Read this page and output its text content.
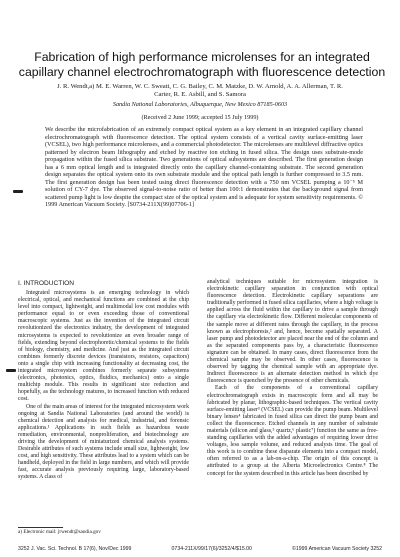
Fabrication of high performance microlenses for an integrated capillary channel electrochromatograph with fluorescence detection
J. R. Wendt,a) M. E. Warren, W. C. Sweatt, C. G. Bailey, C. M. Matzke, D. W. Arnold, A. A. Allerman, T. R. Carter, R. E. Asbill, and S. Samora
Sandia National Laboratories, Albuquerque, New Mexico 87185-0603
(Received 2 June 1999; accepted 15 July 1999)

We describe the microfabrication of an extremely compact optical system as a key element in an integrated capillary channel electrochromatograph with fluorescence detection. The optical system consists of a vertical cavity surface-emitting laser (VCSEL), two high performance microlenses, and a commercial photodetector. The microlenses are multilevel diffractive optics patterned by electron beam lithography and etched by reactive ion etching in fused silica. The design uses substrate-mode propagation within the fused silica substrate. Two generations of optical subsystems are described. The first generation design has a 6 mm optical length and is integrated directly onto the capillary channel-containing substrate. The second generation design separates the optical system onto its own substrate module and the optical path length is further compressed to 3.5 mm. The first generation design has been tested using direct fluorescence detection with a 750 nm VCSEL pumping a 10⁻⁵ M solution of CY-7 dye. The observed signal-to-noise ratio of better than 100:1 demonstrates that the background signal from scattered pump light is low despite the compact size of the optical system and is adequate for system sensitivity requirements. © 1999 American Vacuum Society. [S0734-211X(99)07706-1]

I. INTRODUCTION

Integrated microsystems is an emerging technology in which electrical, optical, and mechanical functions are combined at the chip level into compact, lightweight, and multimodal low cost modules with performance equal to or even exceeding those of conventional macroscopic systems. Just as the invention of the integrated circuit revolutionized the electronics industry, the development of integrated microsystems is expected to revolutionize an even broader range of fields, extending beyond electrophoretic/chemical systems to the fields of biology, chemistry, and medicine. And just as the integrated circuit combines formerly discrete devices (transistors, resistors, capacitors) onto a single chip with increasing functionality at decreasing cost, the integrated microsystem combines formerly separate subsystems (electronics, photonics, optics, fluidics, mechanics) onto a single multichip module. This results in significant size reduction and hopefully, as the technology matures, to increased function with reduced cost.

One of the main areas of interest for the integrated microsystem work ongoing at Sandia National Laboratories (and around the world) is chemical detection and analysis for medical, industrial, and forensic applications.¹ Applications in such fields as hazardous waste remediation, environmental, nonproliferation, and biotechnology are driving the development of miniaturized chemical analysis systems. Desirable attributes of such systems include small size, lightweight, low cost, and high sensitivity. These attributes lead to a system which can be handheld, deployed in the field in large numbers, and which will provide fast, accurate analysis previously requiring large, laboratory-based systems. A class of

analytical techniques suitable for microsystem integration is electrokinetic capillary separation in conjunction with optical fluorescence detection. Electrokinetic capillary separations are traditionally performed in fused silica capillaries, where a high voltage is applied across the fluid within the capillary to drive a sample through the capillary via electrokinetic flow. Different molecular components of the sample move at different rates through the capillary, in the process known as electrophoresis,² and, hence, become spatially separated. A laser pump and photodetector are placed near the end of the column and as the separated components pass by, a characteristic fluorescence signature can be obtained. In many cases, direct fluorescence from the chemical sample may be observed. In other cases, fluorescence is observed by tagging the chemical sample with an appropriate dye. Indirect fluorescence is an alternate detection method in which dye fluorescence is quenched by the presence of other chemicals.

Each of the components of a conventional capillary electrochromatograph exists in macroscopic form and all may be fabricated by planar, lithographic-based techniques. The vertical cavity surface-emitting laser³ (VCSEL) can provide the pump beam. Multilevel binary lenses⁴ fabricated in fused silica can direct the pump beam and collect the fluorescence. Etched channels in any number of substrate materials (silicon and glass,⁵ quartz,⁶ plastic⁷) function the same as free-standing capillaries with the added advantages of requiring lower drive voltages, less sample volume, and reduced analysis time. The goal of this work is to combine these disparate elements into a compact model, often referred to as a lab-on-a-chip. The origin of this concept is attributed to a group at the Alberta Microelectronics Centre.⁸ The concept for the system described in this article has been described by

a) Electronic mail: jrwendt@sandia.gov
3252 J. Vac. Sci. Technol. B 17(6), Nov/Dec 1999	0734-211X/99/17(6)/3252/4/$15.00	©1999 American Vacuum Society 3252
